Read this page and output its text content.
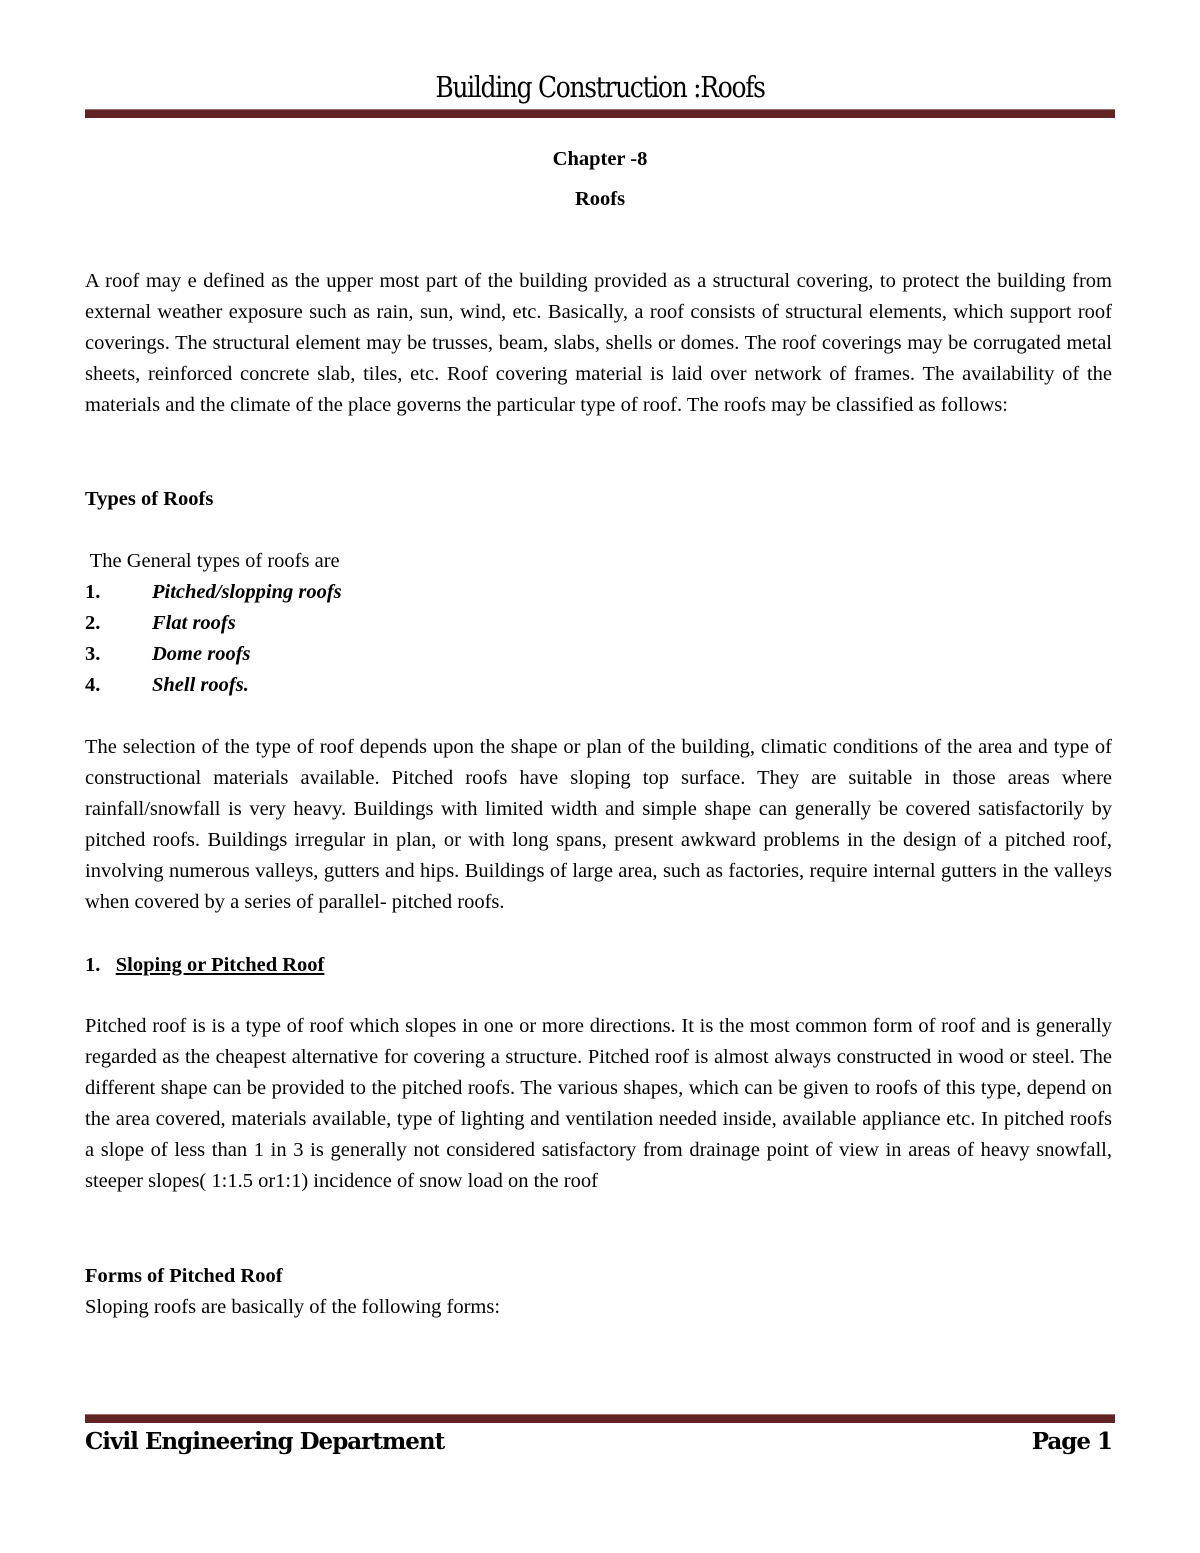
Building Construction :Roofs
Chapter -8
Roofs
A roof may e defined as the upper most part of the building provided as a structural covering, to protect the building from external weather exposure such as rain, sun, wind, etc. Basically, a roof consists of structural elements, which support roof coverings. The structural element may be trusses, beam, slabs, shells or domes. The roof coverings may be corrugated metal sheets, reinforced concrete slab, tiles, etc. Roof covering material is laid over network of frames. The availability of the materials and the climate of the place governs the particular type of roof. The roofs may be classified as follows:
Types of Roofs
The General types of roofs are
1.	Pitched/slopping roofs
2.	Flat roofs
3.	Dome roofs
4.	Shell roofs.
The selection of the type of roof depends upon the shape or plan of the building, climatic conditions of the area and type of constructional materials available. Pitched roofs have sloping top surface. They are suitable in those areas where rainfall/snowfall is very heavy. Buildings with limited width and simple shape can generally be covered satisfactorily by pitched roofs. Buildings irregular in plan, or with long spans, present awkward problems in the design of a pitched roof, involving numerous valleys, gutters and hips. Buildings of large area, such as factories, require internal gutters in the valleys when covered by a series of parallel- pitched roofs.
1. Sloping or Pitched Roof
Pitched roof is is a type of roof which slopes in one or more directions. It is the most common form of roof and is generally regarded as the cheapest alternative for covering a structure. Pitched roof is almost always constructed in wood or steel. The different shape can be provided to the pitched roofs. The various shapes, which can be given to roofs of this type, depend on the area covered, materials available, type of lighting and ventilation needed inside, available appliance etc. In pitched roofs a slope of less than 1 in 3 is generally not considered satisfactory from drainage point of view in areas of heavy snowfall, steeper slopes( 1:1.5 or1:1) incidence of snow load on the roof
Forms of Pitched Roof
Sloping roofs are basically of the following forms:
Civil Engineering Department	Page 1
